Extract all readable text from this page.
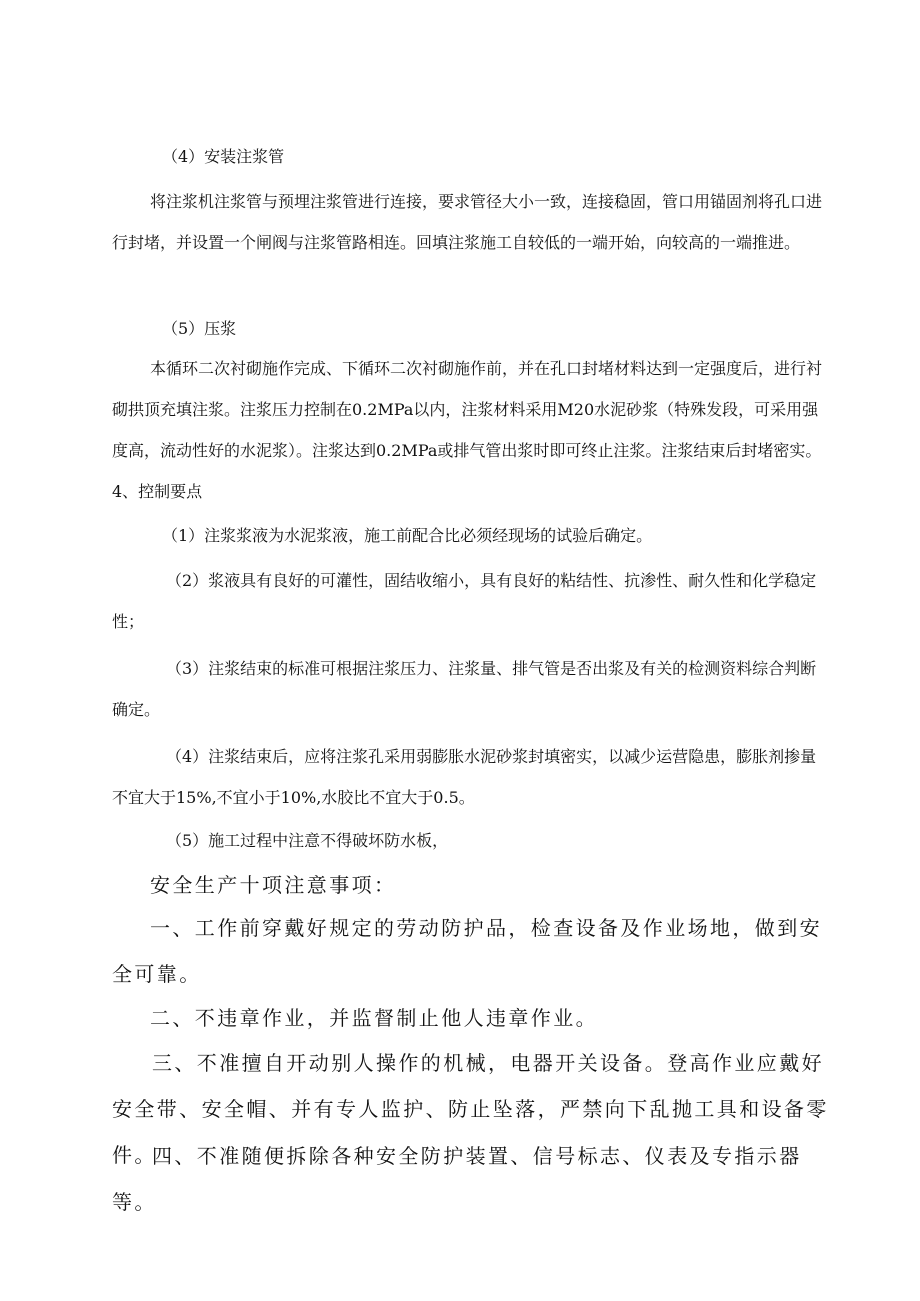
（4）安装注浆管

将注浆机注浆管与预埋注浆管进行连接，要求管径大小一致，连接稳固，管口用锚固剂将孔口进行封堵，并设置一个闸阀与注浆管路相连。回填注浆施工自较低的一端开始，向较高的一端推进。

（5）压浆

本循环二次衬砌施作完成、下循环二次衬砌施作前，并在孔口封堵材料达到一定强度后，进行衬砌拱顶充填注浆。注浆压力控制在0.2MPa以内，注浆材料采用M20水泥砂浆（特殊发段，可采用强度高，流动性好的水泥浆）。注浆达到0.2MPa或排气管出浆时即可终止注浆。注浆结束后封堵密实。4、控制要点

（1）注浆浆液为水泥浆液，施工前配合比必须经现场的试验后确定。

（2）浆液具有良好的可灌性，固结收缩小，具有良好的粘结性、抗渗性、耐久性和化学稳定性；

（3）注浆结束的标准可根据注浆压力、注浆量、排气管是否出浆及有关的检测资料综合判断确定。

（4）注浆结束后，应将注浆孔采用弱膨胀水泥砂浆封填密实，以减少运营隐患，膨胀剂掺量不宜大于15%,不宜小于10%,水胶比不宜大于0.5。

（5）施工过程中注意不得破坏防水板，

安全生产十项注意事项：

一、工作前穿戴好规定的劳动防护品，检查设备及作业场地，做到安全可靠。

二、不违章作业，并监督制止他人违章作业。

三、不准擅自开动别人操作的机械，电器开关设备。登高作业应戴好安全带、安全帽、并有专人监护、防止坠落，严禁向下乱抛工具和设备零件。

四、不准随便拆除各种安全防护装置、信号标志、仪表及专指示器等。
